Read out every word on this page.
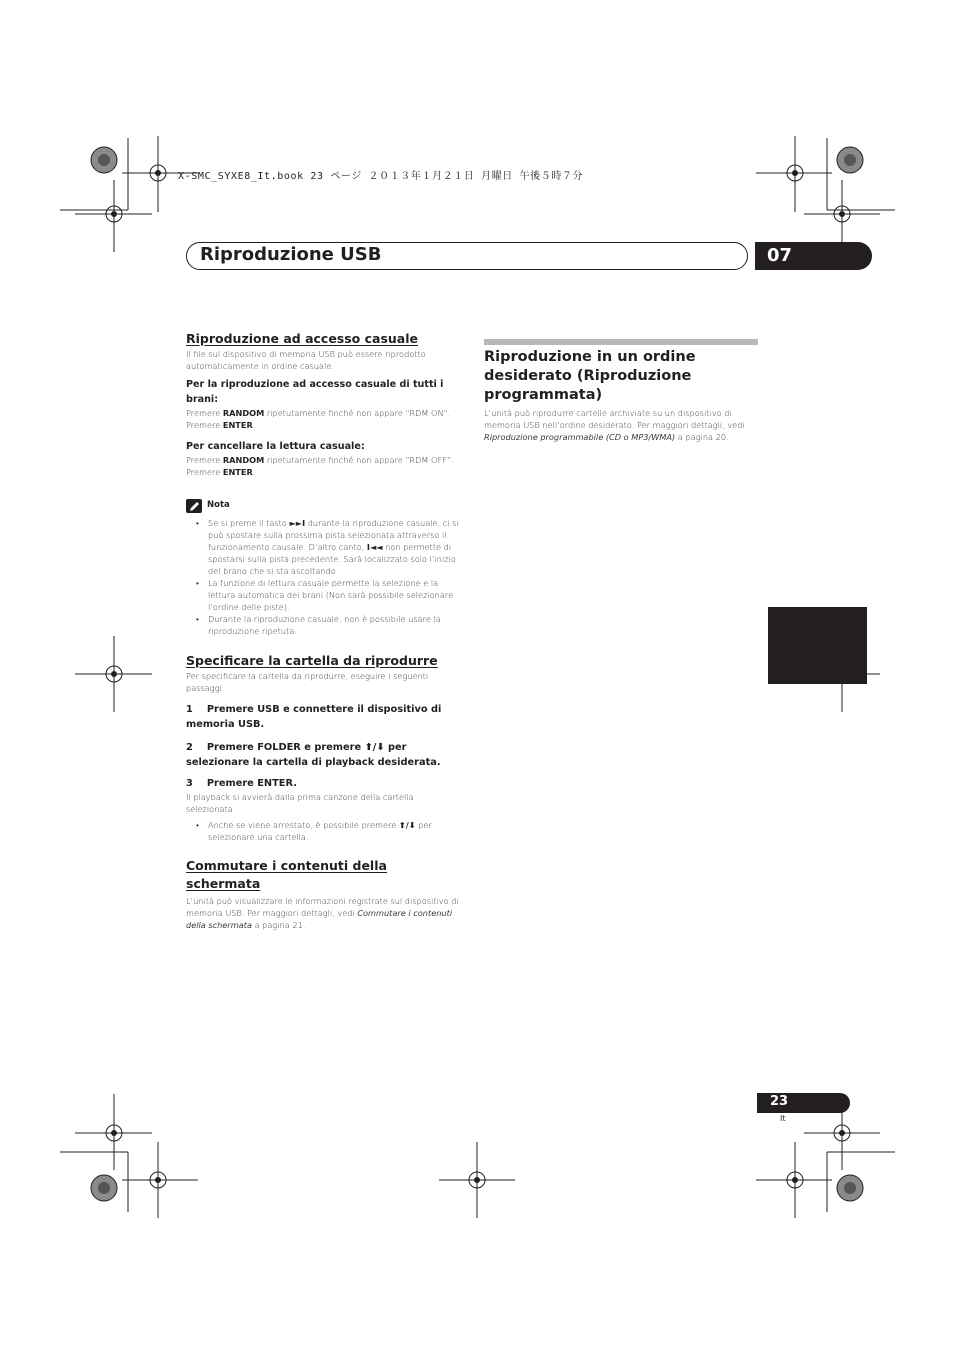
X-SMC_SYXE8_It.book 23 ページ ２０１３年１月２１日 月曜日 午後５時７分
Riproduzione USB	07
Italiano
Riproduzione ad accesso casuale
Il file sul dispositivo di memoria USB può essere riprodotto automaticamente in ordine casuale.
Per la riproduzione ad accesso casuale di tutti i brani:
Premere RANDOM ripetutamente finché non appare “RDM ON”. Premere ENTER.
Per cancellare la lettura casuale:
Premere RANDOM ripetutamente finché non appare “RDM OFF”. Premere ENTER.
Nota
• Se si preme il tasto ►►I durante la riproduzione casuale, ci si può spostare sulla prossima pista selezionata attraverso il funzionamento causale. D’altro canto, I◄◄ non permette di spostarsi sulla pista precedente. Sarà localizzato solo l’inizio del brano che si sta ascoltando.
• La funzione di lettura casuale permette la selezione e la lettura automatica dei brani (Non sarà possibile selezionare l’ordine delle piste).
• Durante la riproduzione casuale, non è possibile usare la riproduzione ripetuta.
Specificare la cartella da riprodurre
Per specificare la cartella da riprodurre, eseguire i seguenti passaggi.
1 Premere USB e connettere il dispositivo di memoria USB.
2 Premere FOLDER e premere ⬆/⬇ per selezionare la cartella di playback desiderata.
3 Premere ENTER.
Il playback si avvierà dalla prima canzone della cartella selezionata.
• Anche se viene arrestato, è possibile premere ⬆/⬇ per selezionare una cartella.
Commutare i contenuti della schermata
L’unità può visualizzare le informazioni registrate sul dispositivo di memoria USB. Per maggiori dettagli, vedi Commutare i contenuti della schermata a pagina 21.
Riproduzione in un ordine desiderato (Riproduzione programmata)
L’unità può riprodurre cartelle archiviate su un dispositivo di memoria USB nell’ordine desiderato. Per maggiori dettagli, vedi Riproduzione programmabile (CD o MP3/WMA) a pagina 20.
23
It
